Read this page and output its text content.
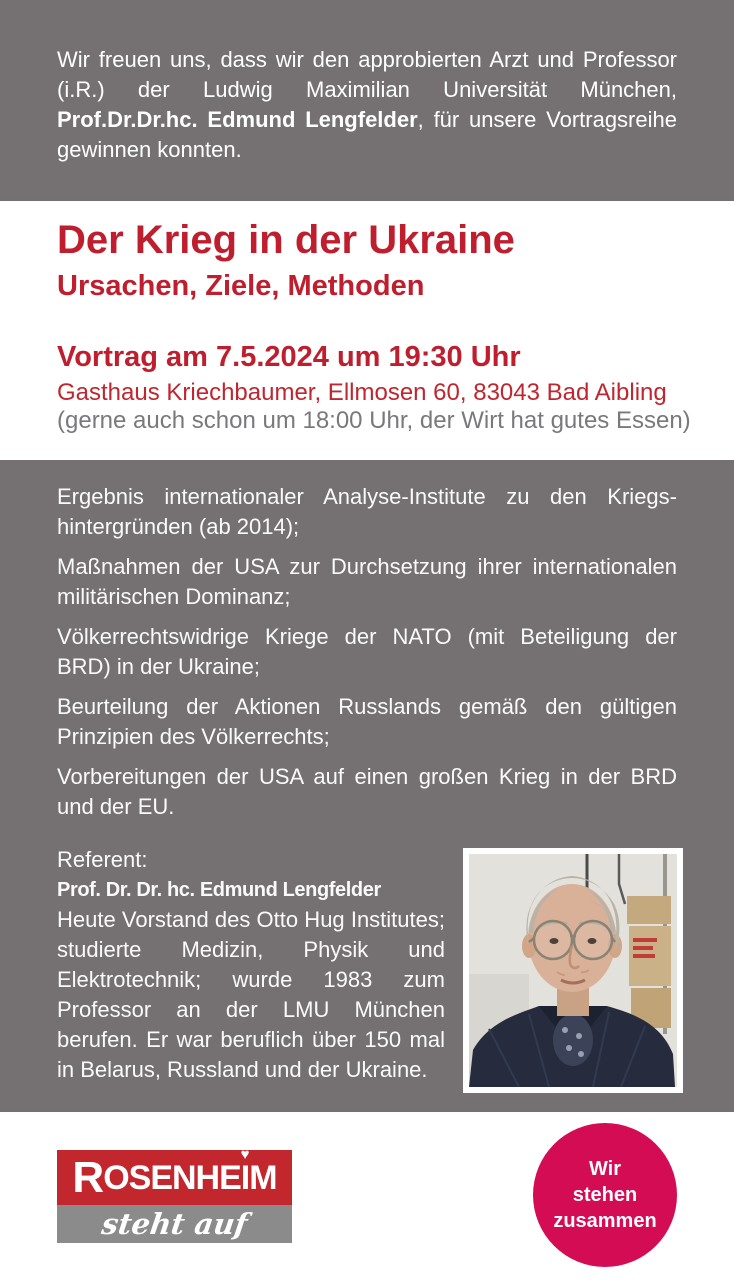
Wir freuen uns, dass wir den approbierten Arzt und Professor (i.R.) der Ludwig Maximilian Universität München, Prof.Dr.Dr.hc. Edmund Lengfelder, für unsere Vortragsreihe gewinnen konnten.

Der Krieg in der Ukraine
Ursachen, Ziele, Methoden
Vortrag am 7.5.2024 um 19:30 Uhr

Gasthaus Kriechbaumer, Ellmosen 60, 83043 Bad Aibling

(gerne auch schon um 18:00 Uhr, der Wirt hat gutes Essen)

Ergebnis internationaler Analyse-Institute zu den Kriegshintergründen (ab 2014);

Maßnahmen der USA zur Durchsetzung ihrer internationalen militärischen Dominanz;

Völkerrechtswidrige Kriege der NATO (mit Beteiligung der BRD) in der Ukraine;

Beurteilung der Aktionen Russlands gemäß den gültigen Prinzipien des Völkerrechts;

Vorbereitungen der USA auf einen großen Krieg in der BRD und der EU.

Referent:

Prof. Dr. Dr. hc. Edmund Lengfelder

Heute Vorstand des Otto Hug Institutes; studierte Medizin, Physik und Elektrotechnik; wurde 1983 zum Professor an der LMU München berufen. Er war beruflich über 150 mal in Belarus, Russland und der Ukraine.

R OSENHE I
♥
M
steht auf
Wir
stehen
zusammen
